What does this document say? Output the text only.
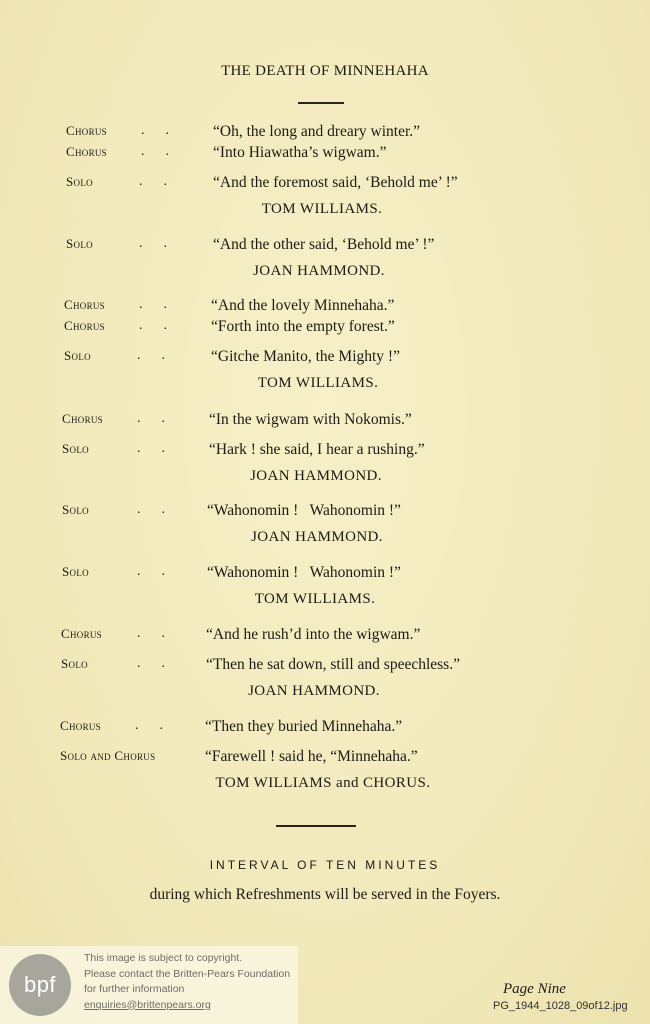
THE DEATH OF MINNEHAHA
Chorus .      .	“Oh, the long and dreary winter.”
Chorus .      .	“Into Hiawatha’s wigwam.”
Solo	.      .	“And the foremost said, ‘Behold me’ !”
TOM WILLIAMS.
Solo	.      .	“And the other said, ‘Behold me’ !”
JOAN HAMMOND.
Chorus .      .	“And the lovely Minnehaha.”
Chorus .      .	“Forth into the empty forest.”
Solo	.      .	“Gitche Manito, the Mighty !”
TOM WILLIAMS.
Chorus .      .	“In the wigwam with Nokomis.”
Solo	.      .	“Hark ! she said, I hear a rushing.”
JOAN HAMMOND.
Solo	.      .	“Wahonomin !   Wahonomin !”
JOAN HAMMOND.
Solo	.      .	“Wahonomin !   Wahonomin !”
TOM WILLIAMS.
Chorus	.      .	“And he rush’d into the wigwam.”
Solo	.      .	“Then he sat down, still and speechless.”
JOAN HAMMOND.
Chorus .      .	“Then they buried Minnehaha.”
Solo and Chorus	“Farewell ! said he, “Minnehaha.”
TOM WILLIAMS and CHORUS.
INTERVAL OF TEN MINUTES
during which Refreshments will be served in the Foyers.
bpf
This image is subject to copyright.
Please contact the Britten-Pears Foundation
for further information
enquiries@brittenpears.org
Page Nine
PG_1944_1028_09of12.jpg
